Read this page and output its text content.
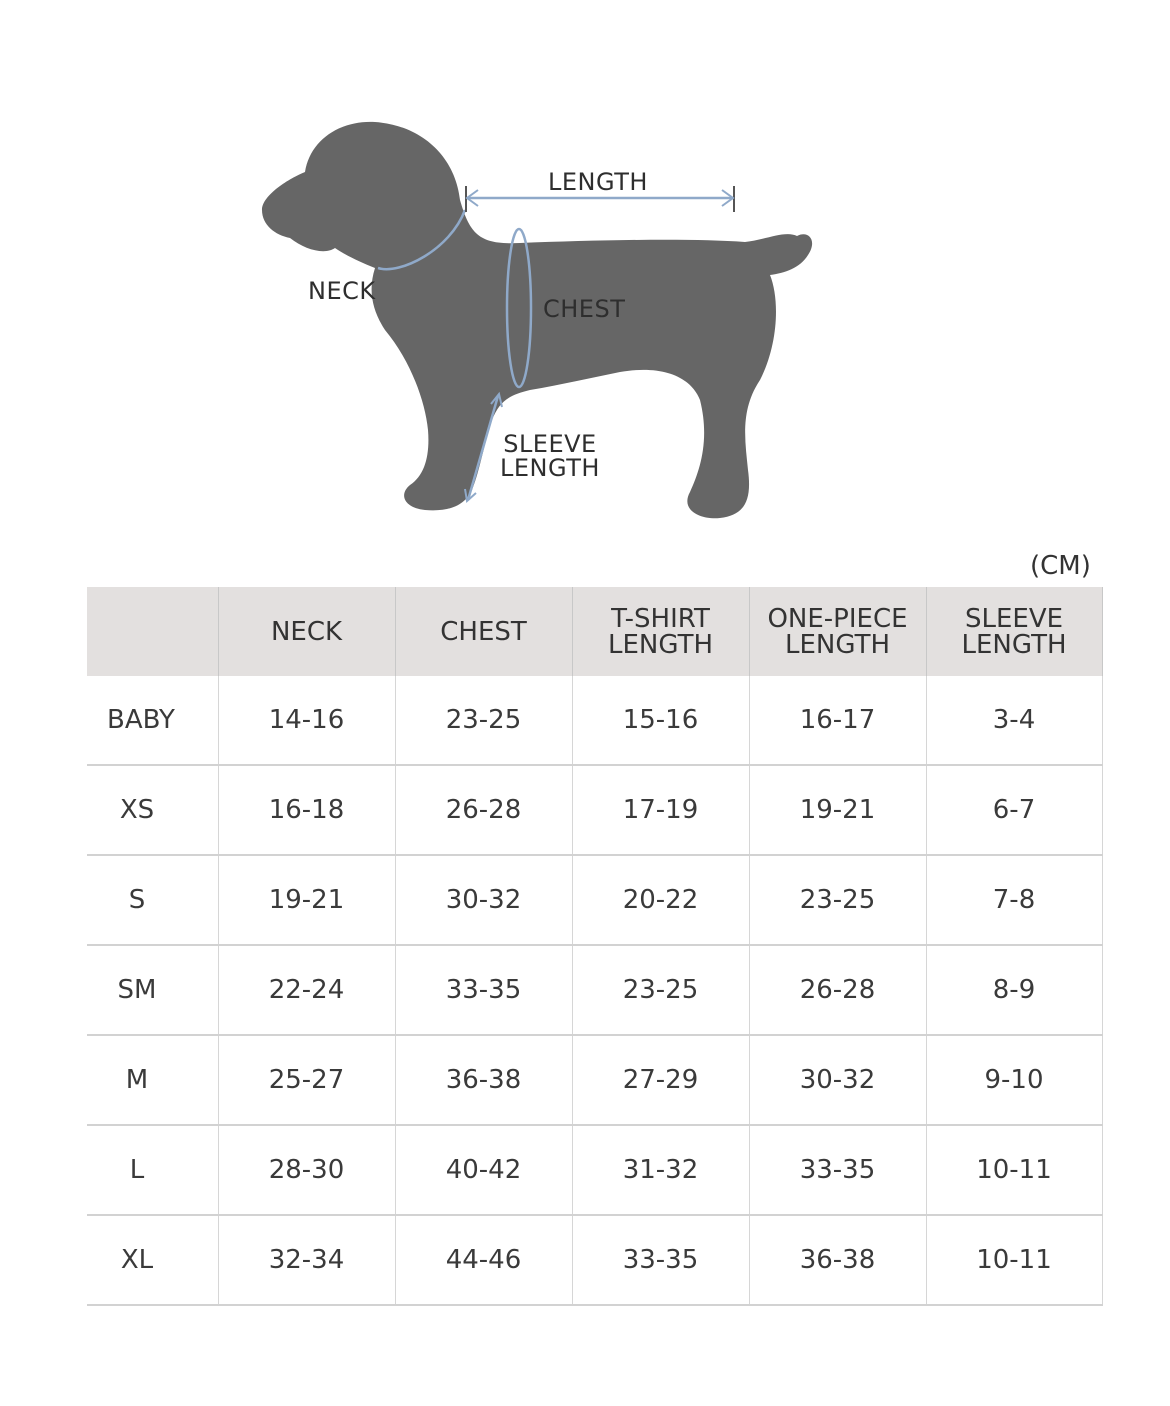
LENGTH
NECK
CHEST
SLEEVE
LENGTH
(CM)
	NECK	CHEST	T-SHIRT LENGTH	ONE-PIECE LENGTH	SLEEVE LENGTH
BABY	14-16	23-25	15-16	16-17	3-4
XS	16-18	26-28	17-19	19-21	6-7
S	19-21	30-32	20-22	23-25	7-8
SM	22-24	33-35	23-25	26-28	8-9
M	25-27	36-38	27-29	30-32	9-10
L	28-30	40-42	31-32	33-35	10-11
XL	32-34	44-46	33-35	36-38	10-11
